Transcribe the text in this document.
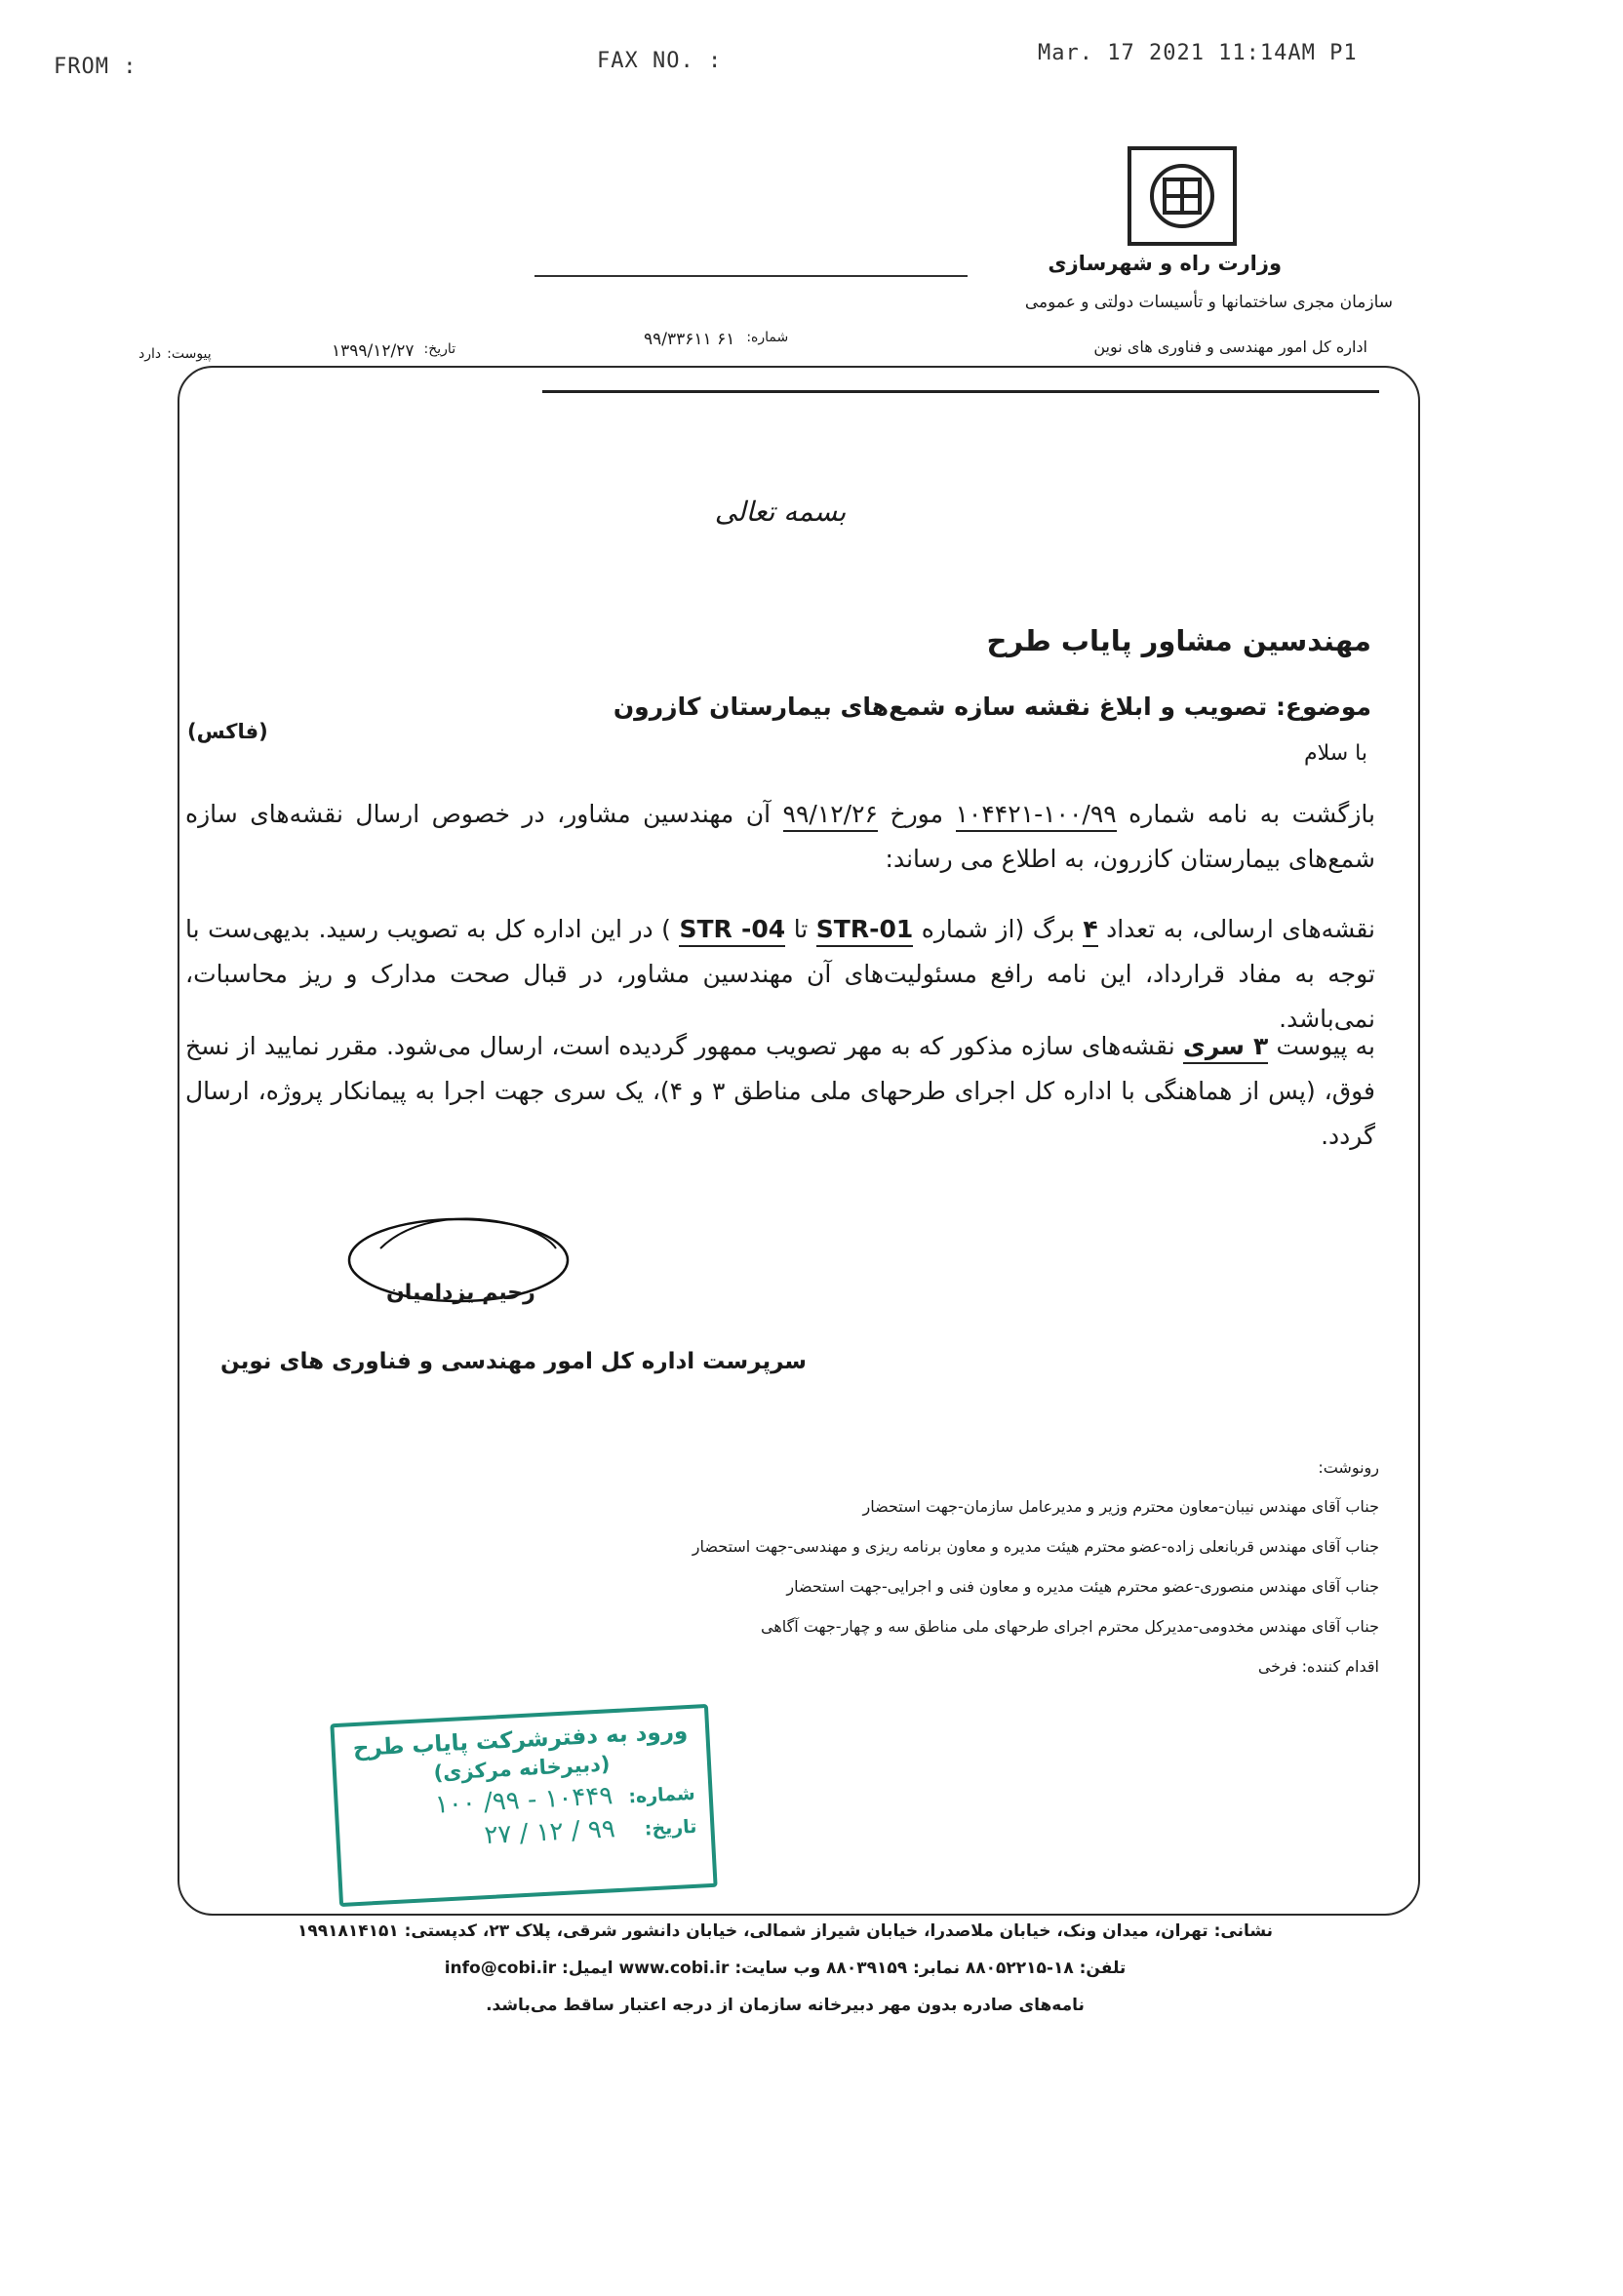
FROM :	FAX NO. :	Mar. 17 2021 11:14AM P1
وزارت راه و شهرسازی
سازمان مجری ساختمانها و تأسیسات دولتی و عمومی
اداره کل امور مهندسی و فناوری های نوین
پیوست:
دارد	تاریخ:
۱۳۹۹/۱۲/۲۷
شماره:
۶۱ ۹۹/۳۳۶۱۱
بسمه تعالی
مهندسین مشاور پایاب طرح
موضوع: تصویب و ابلاغ نقشه سازه شمع‌های بیمارستان کازرون
(فاکس)
با سلام
بازگشت به نامه شماره ۱۰۰/۹۹-۱۰۴۴۲۱ مورخ ۹۹/۱۲/۲۶ آن مهندسین مشاور، در خصوص ارسال نقشه‌های سازه شمع‌های بیمارستان کازرون، به اطلاع می رساند:
نقشه‌های ارسالی، به تعداد ۴ برگ (از شماره STR-01 تا STR -04 ) در این اداره کل به تصویب رسید. بدیهی‌ست با توجه به مفاد قرارداد، این نامه رافع مسئولیت‌های آن مهندسین مشاور، در قبال صحت مدارک و ریز محاسبات، نمی‌باشد.
به پیوست ۳ سری نقشه‌های سازه مذکور که به مهر تصویب ممهور گردیده است، ارسال می‌شود. مقرر نمایید از نسخ فوق، (پس از هماهنگی با اداره کل اجرای طرحهای ملی مناطق ۳ و ۴)، یک سری جهت اجرا به پیمانکار پروژه، ارسال گردد.
رحیم یزدامیان
سرپرست اداره کل امور مهندسی و فناوری های نوین
رونوشت:
جناب آقای مهندس نیبان-معاون محترم وزیر و مدیرعامل سازمان-جهت استحضار
جناب آقای مهندس قربانعلی زاده-عضو محترم هیئت مدیره و معاون برنامه ریزی و مهندسی-جهت استحضار
جناب آقای مهندس منصوری-عضو محترم هیئت مدیره و معاون فنی و اجرایی-جهت استحضار
جناب آقای مهندس مخدومی-مدیرکل محترم اجرای طرحهای ملی مناطق سه و چهار-جهت آگاهی
اقدام کننده: فرخی
ورود به دفترشرکت پایاب طرح
(دبیرخانه مرکزی)
شماره:
۱۰۴۴۹ - ۹۹/ ۱۰۰
تاریخ:
۹۹ / ۱۲ / ۲۷
نشانی: تهران، میدان ونک، خیابان ملاصدرا، خیابان شیراز شمالی، خیابان دانشور شرقی، پلاک ۲۳، کدپستی: ۱۹۹۱۸۱۴۱۵۱
تلفن: ۱۸-۸۸۰۵۲۲۱۵ نمابر: ۸۸۰۳۹۱۵۹ وب سایت: www.cobi.ir ایمیل: info@cobi.ir
نامه‌های صادره بدون مهر دبیرخانه سازمان از درجه اعتبار ساقط می‌باشد.
